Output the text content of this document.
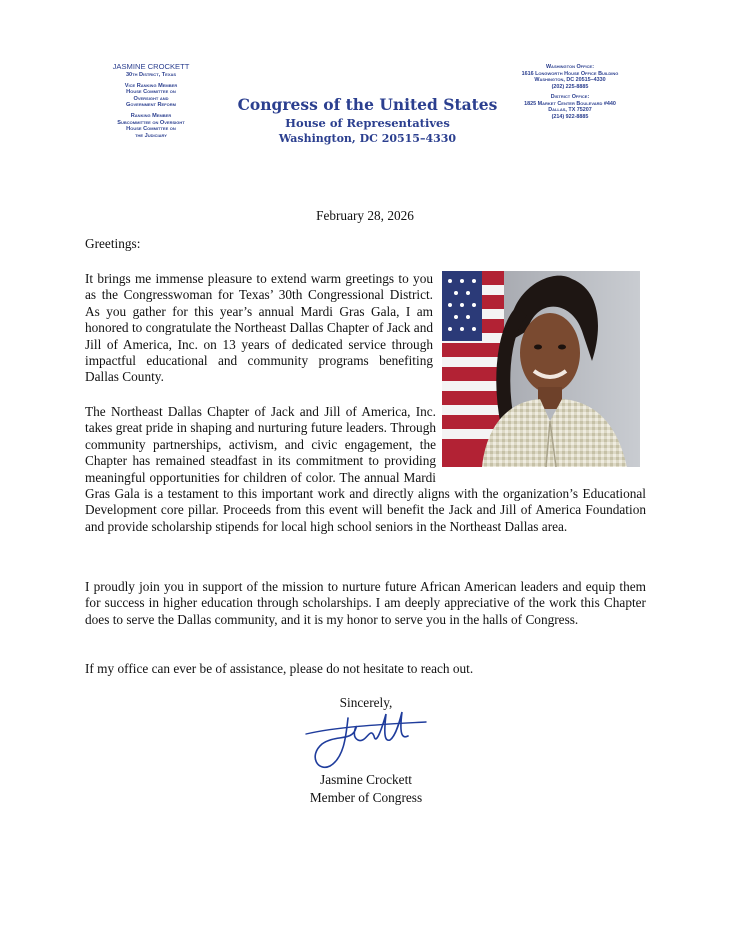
JASMINE CROCKETT
30th District, Texas
Vice Ranking Member
House Committee on
Oversight and
Government Reform
Ranking Member
Subcommittee on Oversight
House Committee on
the Judiciary
Congress of the United States
House of Representatives
Washington, DC 20515–4330
Washington Office:
1616 Longworth House Office Building
Washington, DC 20515–4330
(202) 225-8885
District Office:
1825 Market Center Boulevard #440
Dallas, TX 75207
(214) 922-8885
February 28, 2026
Greetings:

It brings me immense pleasure to extend warm greetings to you as the Congresswoman for Texas’ 30th Congressional District. As you gather for this year’s annual Mardi Gras Gala, I am honored to congratulate the Northeast Dallas Chapter of Jack and Jill of America, Inc. on 13 years of dedicated service through impactful educational and community programs benefiting Dallas County.

The Northeast Dallas Chapter of Jack and Jill of America, Inc. takes great pride in shaping and nurturing future leaders. Through community partnerships, activism, and civic engagement, the Chapter has remained steadfast in its commitment to providing meaningful opportunities for children of color. The annual Mardi Gras Gala is a testament to this important work and directly aligns with the organization’s Educational Development core pillar. Proceeds from this event will benefit the Jack and Jill of America Foundation and provide scholarship stipends for local high school seniors in the Northeast Dallas area.

I proudly join you in support of the mission to nurture future African American leaders and equip them for success in higher education through scholarships. I am deeply appreciative of the work this Chapter does to serve the Dallas community, and it is my honor to serve you in the halls of Congress.

If my office can ever be of assistance, please do not hesitate to reach out.
Sincerely,
Jasmine Crockett
Member of Congress
